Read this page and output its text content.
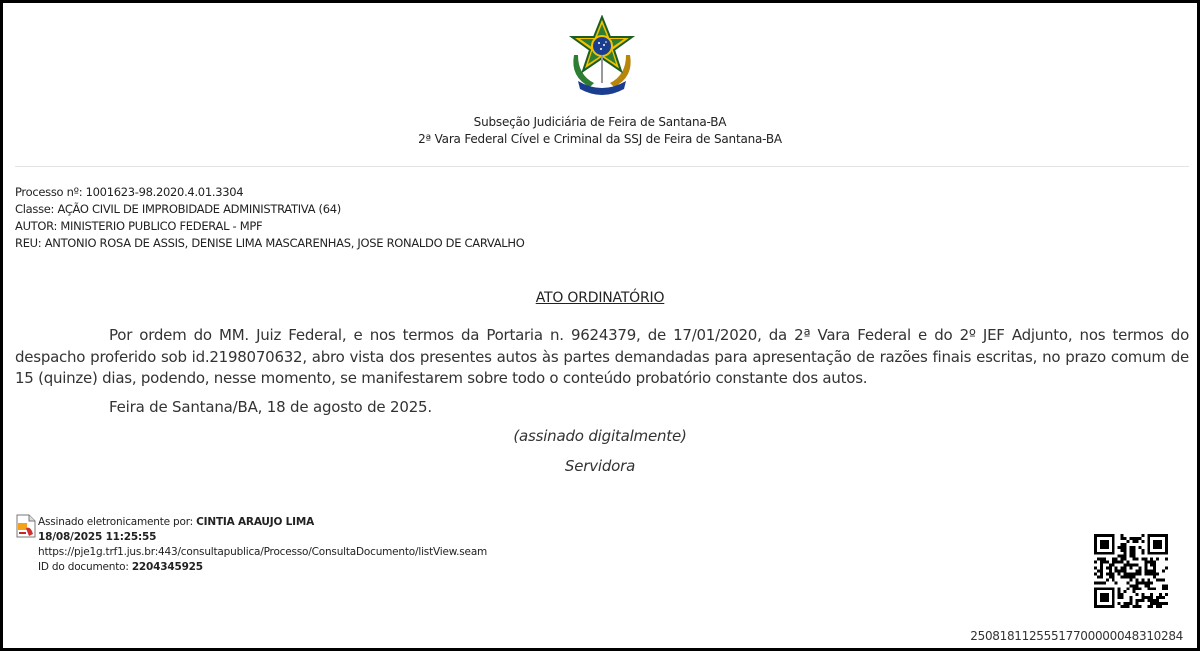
Subseção Judiciária de Feira de Santana-BA
2ª Vara Federal Cível e Criminal da SSJ de Feira de Santana-BA
Processo nº: 1001623-98.2020.4.01.3304
Classe: AÇÃO CIVIL DE IMPROBIDADE ADMINISTRATIVA (64)
AUTOR: MINISTERIO PUBLICO FEDERAL - MPF
REU: ANTONIO ROSA DE ASSIS, DENISE LIMA MASCARENHAS, JOSE RONALDO DE CARVALHO
ATO ORDINATÓRIO
Por ordem do MM. Juiz Federal, e nos termos da Portaria n. 9624379, de 17/01/2020, da 2ª Vara Federal e do 2º JEF Adjunto, nos termos do despacho proferido sob id.2198070632, abro vista dos presentes autos às partes demandadas para apresentação de razões finais escritas, no prazo comum de 15 (quinze) dias, podendo, nesse momento, se manifestarem sobre todo o conteúdo probatório constante dos autos.
Feira de Santana/BA, 18 de agosto de 2025.
(assinado digitalmente)
Servidora
Assinado eletronicamente por: CINTIA ARAUJO LIMA
18/08/2025 11:25:55
https://pje1g.trf1.jus.br:443/consultapublica/Processo/ConsultaDocumento/listView.seam
ID do documento: 2204345925
25081811255517700000048310284
